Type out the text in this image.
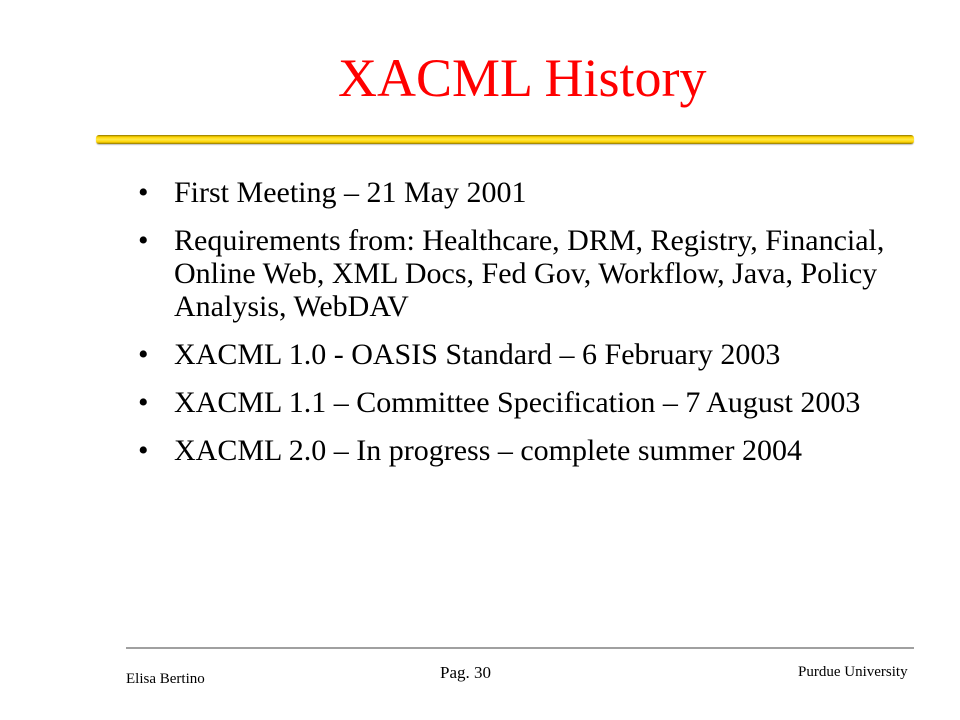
XACML History
• First Meeting – 21 May 2001
• Requirements from: Healthcare, DRM, Registry, Financial, Online Web, XML Docs, Fed Gov, Workflow, Java, Policy Analysis, WebDAV
• XACML 1.0 - OASIS Standard – 6 February 2003
• XACML 1.1 – Committee Specification – 7 August 2003
• XACML 2.0 – In progress – complete summer 2004
Elisa Bertino	Pag. 30	Purdue University
